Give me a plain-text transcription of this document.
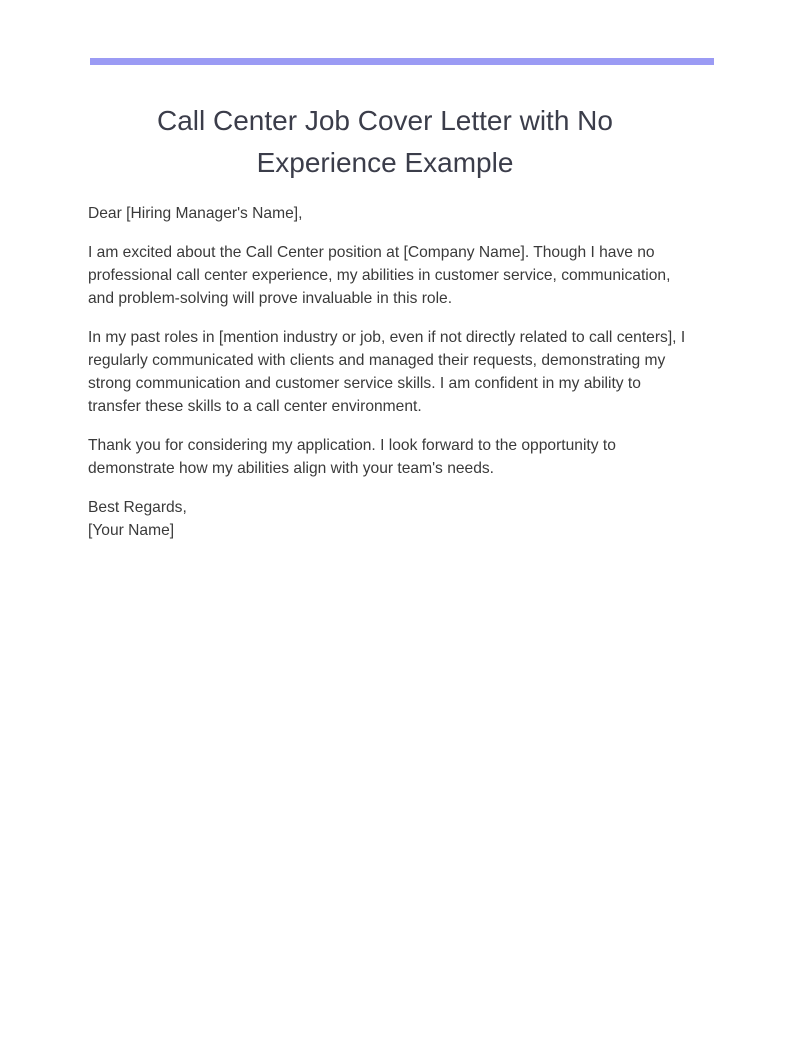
Call Center Job Cover Letter with No Experience Example

Dear [Hiring Manager's Name],

I am excited about the Call Center position at [Company Name]. Though I have no professional call center experience, my abilities in customer service, communication, and problem-solving will prove invaluable in this role.

In my past roles in [mention industry or job, even if not directly related to call centers], I regularly communicated with clients and managed their requests, demonstrating my strong communication and customer service skills. I am confident in my ability to transfer these skills to a call center environment.

Thank you for considering my application. I look forward to the opportunity to demonstrate how my abilities align with your team's needs.

Best Regards,

[Your Name]
